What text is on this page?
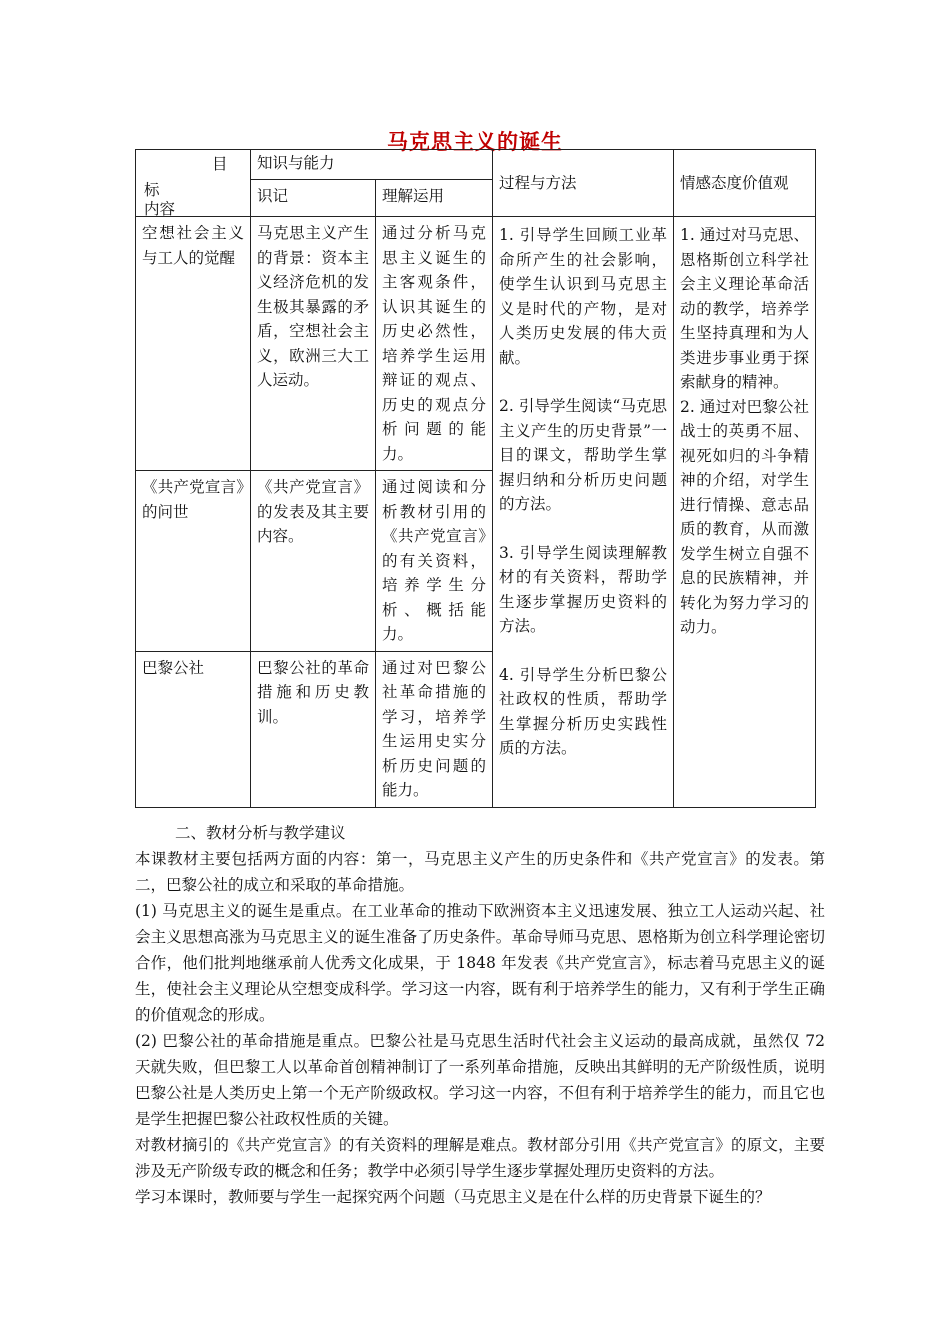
马克思主义的诞生
目
标
内容	知识与能力		过程与方法	情感态度价值观
	识记	理解运用		
空想社会主义与工人的觉醒	马克思主义产生的背景：资本主义经济危机的发生极其暴露的矛盾，空想社会主义，欧洲三大工人运动。	通过分析马克思主义诞生的主客观条件，认识其诞生的历史必然性，培养学生运用辩证的观点、历史的观点分析问题的能力。	1. 引导学生回顾工业革命所产生的社会影响，使学生认识到马克思主义是时代的产物，是对人类历史发展的伟大贡献。
2. 引导学生阅读“马克思主义产生的历史背景”一目的课文，帮助学生掌握归纳和分析历史问题的方法。
3. 引导学生阅读理解教材的有关资料，帮助学生逐步掌握历史资料的方法。
4. 引导学生分析巴黎公社政权的性质，帮助学生掌握分析历史实践性质的方法。	1. 通过对马克思、恩格斯创立科学社会主义理论革命活动的教学，培养学生坚持真理和为人类进步事业勇于探索献身的精神。
2. 通过对巴黎公社战士的英勇不屈、视死如归的斗争精神的介绍，对学生进行情操、意志品质的教育，从而激发学生树立自强不息的民族精神，并转化为努力学习的动力。

《共产党宣言》的问世	《共产党宣言》的发表及其主要内容。	通过阅读和分析教材引用的《共产党宣言》的有关资料，培养学生分析、概括能力。		
巴黎公社	巴黎公社的革命措施和历史教训。	通过对巴黎公社革命措施的学习，培养学生运用史实分析历史问题的能力。		

二、教材分析与教学建议

本课教材主要包括两方面的内容：第一，马克思主义产生的历史条件和《共产党宣言》的发表。第二，巴黎公社的成立和采取的革命措施。

(1) 马克思主义的诞生是重点。在工业革命的推动下欧洲资本主义迅速发展、独立工人运动兴起、社会主义思想高涨为马克思主义的诞生准备了历史条件。革命导师马克思、恩格斯为创立科学理论密切合作，他们批判地继承前人优秀文化成果，于 1848 年发表《共产党宣言》，标志着马克思主义的诞生，使社会主义理论从空想变成科学。学习这一内容，既有利于培养学生的能力，又有利于学生正确的价值观念的形成。

(2) 巴黎公社的革命措施是重点。巴黎公社是马克思生活时代社会主义运动的最高成就，虽然仅 72 天就失败，但巴黎工人以革命首创精神制订了一系列革命措施，反映出其鲜明的无产阶级性质，说明巴黎公社是人类历史上第一个无产阶级政权。学习这一内容，不但有利于培养学生的能力，而且它也是学生把握巴黎公社政权性质的关键。

对教材摘引的《共产党宣言》的有关资料的理解是难点。教材部分引用《共产党宣言》的原文，主要涉及无产阶级专政的概念和任务；教学中必须引导学生逐步掌握处理历史资料的方法。

学习本课时，教师要与学生一起探究两个问题（马克思主义是在什么样的历史背景下诞生的？
